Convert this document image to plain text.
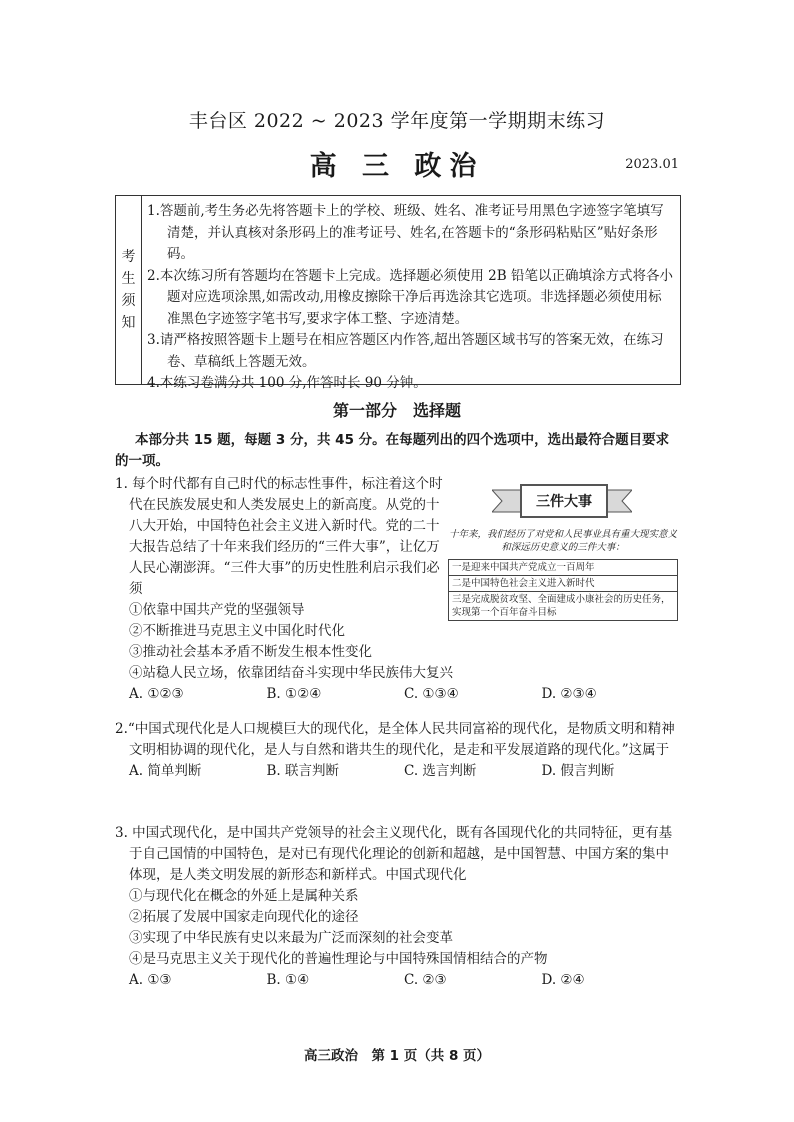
丰台区 2022 ~ 2023 学年度第一学期期末练习
高 三 政治	2023.01
考
生
须
知
1.答题前,考生务必先将答题卡上的学校、班级、姓名、准考证号用黑色字迹签字笔填写清楚，并认真核对条形码上的准考证号、姓名,在答题卡的“条形码粘贴区”贴好条形码。
2.本次练习所有答题均在答题卡上完成。选择题必须使用 2B 铅笔以正确填涂方式将各小题对应选项涂黑,如需改动,用橡皮擦除干净后再选涂其它选项。非选择题必须使用标准黑色字迹签字笔书写,要求字体工整、字迹清楚。
3.请严格按照答题卡上题号在相应答题区内作答,超出答题区域书写的答案无效，在练习卷、草稿纸上答题无效。
4.本练习卷满分共 100 分,作答时长 90 分钟。
第一部分　选择题
本部分共 15 题，每题 3 分，共 45 分。在每题列出的四个选项中，选出最符合题目要求的一项。

1. 每个时代都有自己时代的标志性事件，标注着这个时代在民族发展史和人类发展史上的新高度。从党的十八大开始，中国特色社会主义进入新时代。党的二十大报告总结了十年来我们经历的“三件大事”，让亿万人民心潮澎湃。“三件大事”的历史性胜利启示我们必须

①依靠中国共产党的坚强领导

②不断推进马克思主义中国化时代化

③推动社会基本矛盾不断发生根本性变化

④站稳人民立场，依靠团结奋斗实现中华民族伟大复兴

A. ①②③	B. ①②④	C. ①③④	D. ②③④
三件大事
十年来，我们经历了对党和人民事业具有重大现实意义和深远历史意义的三件大事：
一是迎来中国共产党成立一百周年
二是中国特色社会主义进入新时代
三是完成脱贫攻坚、全面建成小康社会的历史任务，实现第一个百年奋斗目标

2.“中国式现代化是人口规模巨大的现代化，是全体人民共同富裕的现代化，是物质文明和精神文明相协调的现代化，是人与自然和谐共生的现代化，是走和平发展道路的现代化。”这属于

A. 简单判断	B. 联言判断	C. 选言判断	D. 假言判断

3. 中国式现代化，是中国共产党领导的社会主义现代化，既有各国现代化的共同特征，更有基于自己国情的中国特色，是对已有现代化理论的创新和超越，是中国智慧、中国方案的集中体现，是人类文明发展的新形态和新样式。中国式现代化

①与现代化在概念的外延上是属种关系

②拓展了发展中国家走向现代化的途径

③实现了中华民族有史以来最为广泛而深刻的社会变革

④是马克思主义关于现代化的普遍性理论与中国特殊国情相结合的产物

A. ①③	B. ①④	C. ②③	D. ②④
高三政治　第 1 页（共 8 页）
